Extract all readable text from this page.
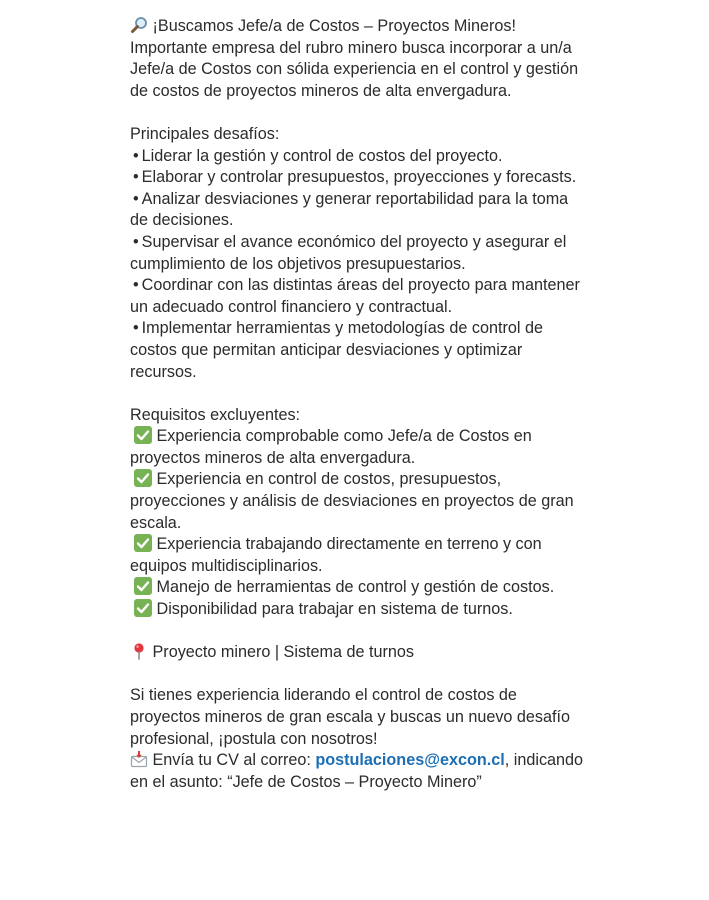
¡Buscamos Jefe/a de Costos – Proyectos Mineros!
Importante empresa del rubro minero busca incorporar a un/a Jefe/a de Costos con sólida experiencia en el control y gestión de costos de proyectos mineros de alta envergadura.
Principales desafíos:
• Liderar la gestión y control de costos del proyecto.
• Elaborar y controlar presupuestos, proyecciones y forecasts.
• Analizar desviaciones y generar reportabilidad para la toma de decisiones.
• Supervisar el avance económico del proyecto y asegurar el cumplimiento de los objetivos presupuestarios.
• Coordinar con las distintas áreas del proyecto para mantener un adecuado control financiero y contractual.
• Implementar herramientas y metodologías de control de costos que permitan anticipar desviaciones y optimizar recursos.
Requisitos excluyentes:
Experiencia comprobable como Jefe/a de Costos en proyectos mineros de alta envergadura.
Experiencia en control de costos, presupuestos, proyecciones y análisis de desviaciones en proyectos de gran escala.
Experiencia trabajando directamente en terreno y con equipos multidisciplinarios.
Manejo de herramientas de control y gestión de costos.
Disponibilidad para trabajar en sistema de turnos.
Proyecto minero | Sistema de turnos
Si tienes experiencia liderando el control de costos de proyectos mineros de gran escala y buscas un nuevo desafío profesional, ¡postula con nosotros!
Envía tu CV al correo: postulaciones@excon.cl, indicando en el asunto: “Jefe de Costos – Proyecto Minero”
